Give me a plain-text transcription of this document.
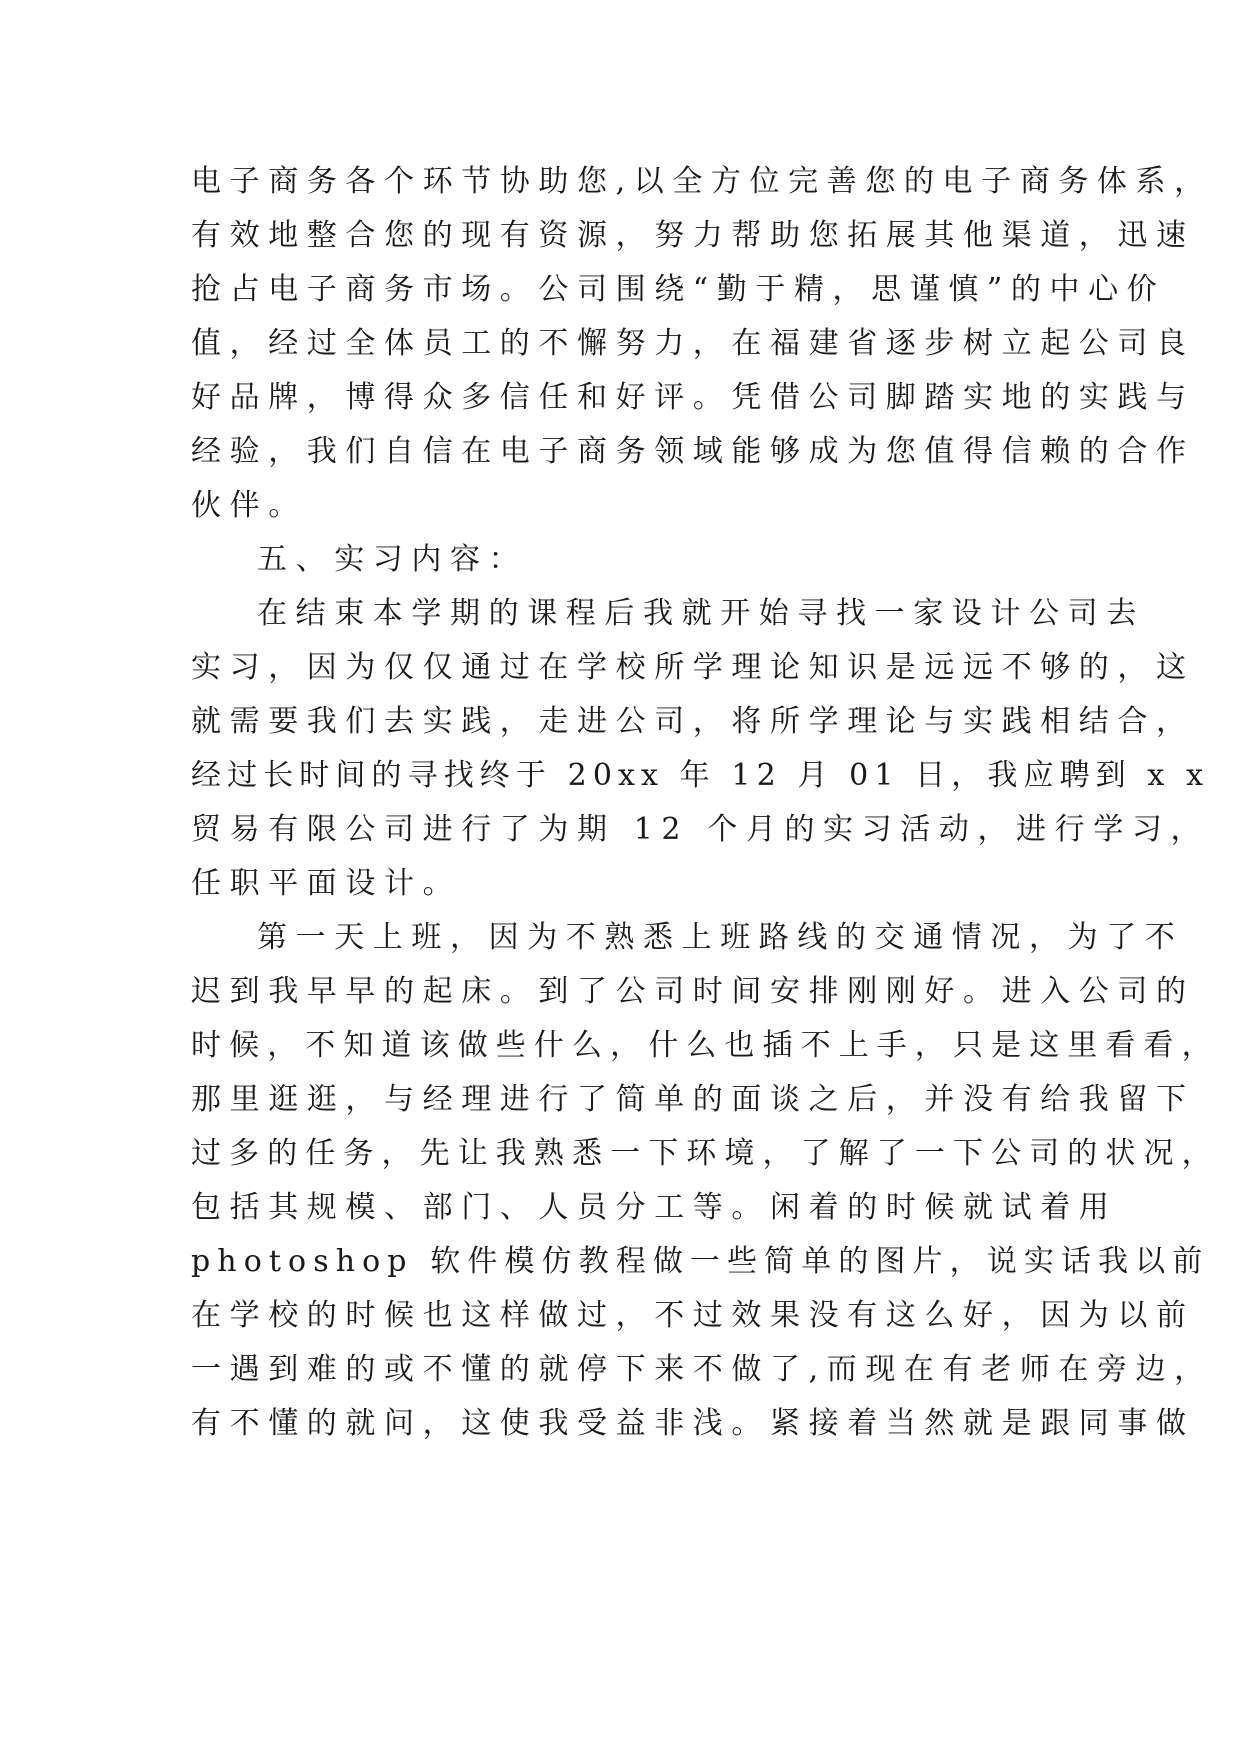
电子商务各个环节协助您,以全方位完善您的电子商务体系，
有效地整合您的现有资源，努力帮助您拓展其他渠道，迅速
抢占电子商务市场。公司围绕“勤于精，思谨慎”的中心价
值，经过全体员工的不懈努力，在福建省逐步树立起公司良
好品牌，博得众多信任和好评。凭借公司脚踏实地的实践与
经验，我们自信在电子商务领域能够成为您值得信赖的合作
伙伴。
五、实习内容：
在结束本学期的课程后我就开始寻找一家设计公司去
实习，因为仅仅通过在学校所学理论知识是远远不够的，这
就需要我们去实践，走进公司，将所学理论与实践相结合，
经过长时间的寻找终于 20xx 年 12 月 01 日，我应聘到 x x
贸易有限公司进行了为期 12 个月的实习活动，进行学习，
任职平面设计。
第一天上班，因为不熟悉上班路线的交通情况，为了不
迟到我早早的起床。到了公司时间安排刚刚好。进入公司的
时候，不知道该做些什么，什么也插不上手，只是这里看看，
那里逛逛，与经理进行了简单的面谈之后，并没有给我留下
过多的任务，先让我熟悉一下环境，了解了一下公司的状况，
包括其规模、部门、人员分工等。闲着的时候就试着用
photoshop 软件模仿教程做一些简单的图片，说实话我以前
在学校的时候也这样做过，不过效果没有这么好，因为以前
一遇到难的或不懂的就停下来不做了,而现在有老师在旁边，
有不懂的就问，这使我受益非浅。紧接着当然就是跟同事做
